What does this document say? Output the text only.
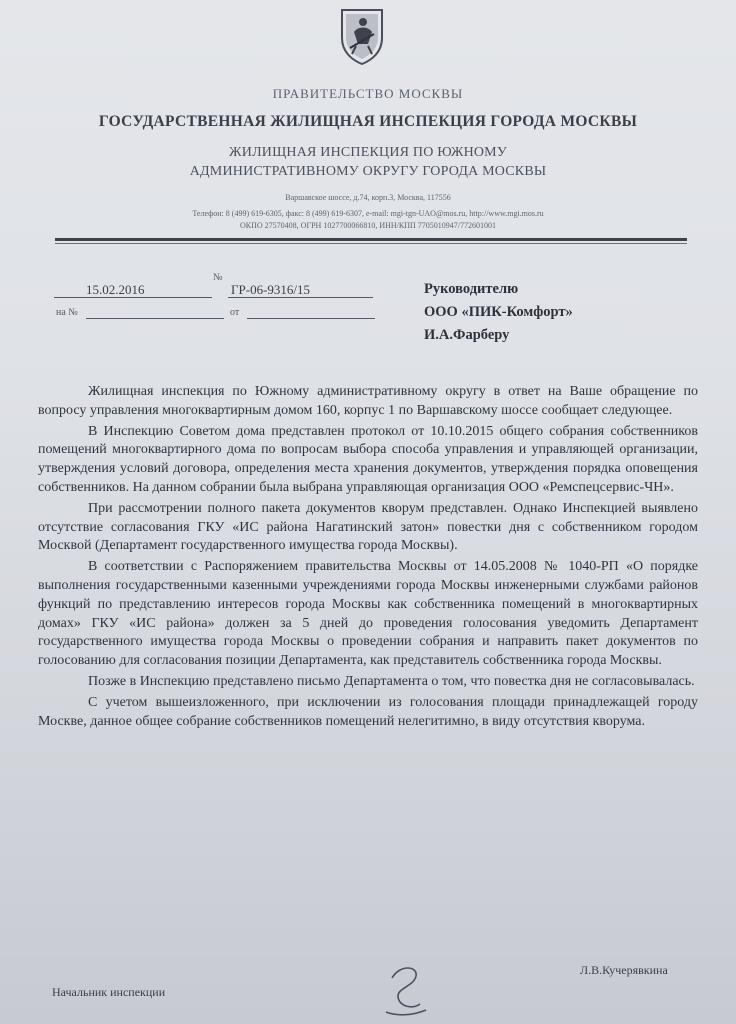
ПРАВИТЕЛЬСТВО МОСКВЫ
ГОСУДАРСТВЕННАЯ ЖИЛИЩНАЯ ИНСПЕКЦИЯ ГОРОДА МОСКВЫ
ЖИЛИЩНАЯ ИНСПЕКЦИЯ ПО ЮЖНОМУ
АДМИНИСТРАТИВНОМУ ОКРУГУ ГОРОДА МОСКВЫ
Варшавское шоссе, д.74, корп.3, Москва, 117556
Телефон: 8 (499) 619-6305, факс: 8 (499) 619-6307, e-mail: mgi-tgn-UAO@mos.ru, http://www.mgi.mos.ru
ОКПО 27570408, ОГРН 1027700066810, ИНН/КПП 7705010947/772601001
15.02.2016
№
ГР-06-9316/15
на №	от
Руководителю
ООО «ПИК-Комфорт»
И.А.Фарберу

Жилищная инспекция по Южному административному округу в ответ на Ваше обращение по вопросу управления многоквартирным домом 160, корпус 1 по Варшавскому шоссе сообщает следующее.

В Инспекцию Советом дома представлен протокол от 10.10.2015 общего собрания собственников помещений многоквартирного дома по вопросам выбора способа управления и управляющей организации, утверждения условий договора, определения места хранения документов, утверждения порядка оповещения собственников. На данном собрании была выбрана управляющая организация ООО «Ремспецсервис-ЧН».

При рассмотрении полного пакета документов кворум представлен. Однако Инспекцией выявлено отсутствие согласования ГКУ «ИС района Нагатинский затон» повестки дня с собственником городом Москвой (Департамент государственного имущества города Москвы).

В соответствии с Распоряжением правительства Москвы от 14.05.2008 № 1040-РП «О порядке выполнения государственными казенными учреждениями города Москвы инженерными службами районов функций по представлению интересов города Москвы как собственника помещений в многоквартирных домах» ГКУ «ИС района» должен за 5 дней до проведения голосования уведомить Департамент государственного имущества города Москвы о проведении собрания и направить пакет документов по голосованию для согласования позиции Департамента, как представитель собственника города Москвы.

Позже в Инспекцию представлено письмо Департамента о том, что повестка дня не согласовывалась.

С учетом вышеизложенного, при исключении из голосования площади принадлежащей городу Москве, данное общее собрание собственников помещений нелегитимно, в виду отсутствия кворума.

Начальник инспекции
Л.В.Кучерявкина
